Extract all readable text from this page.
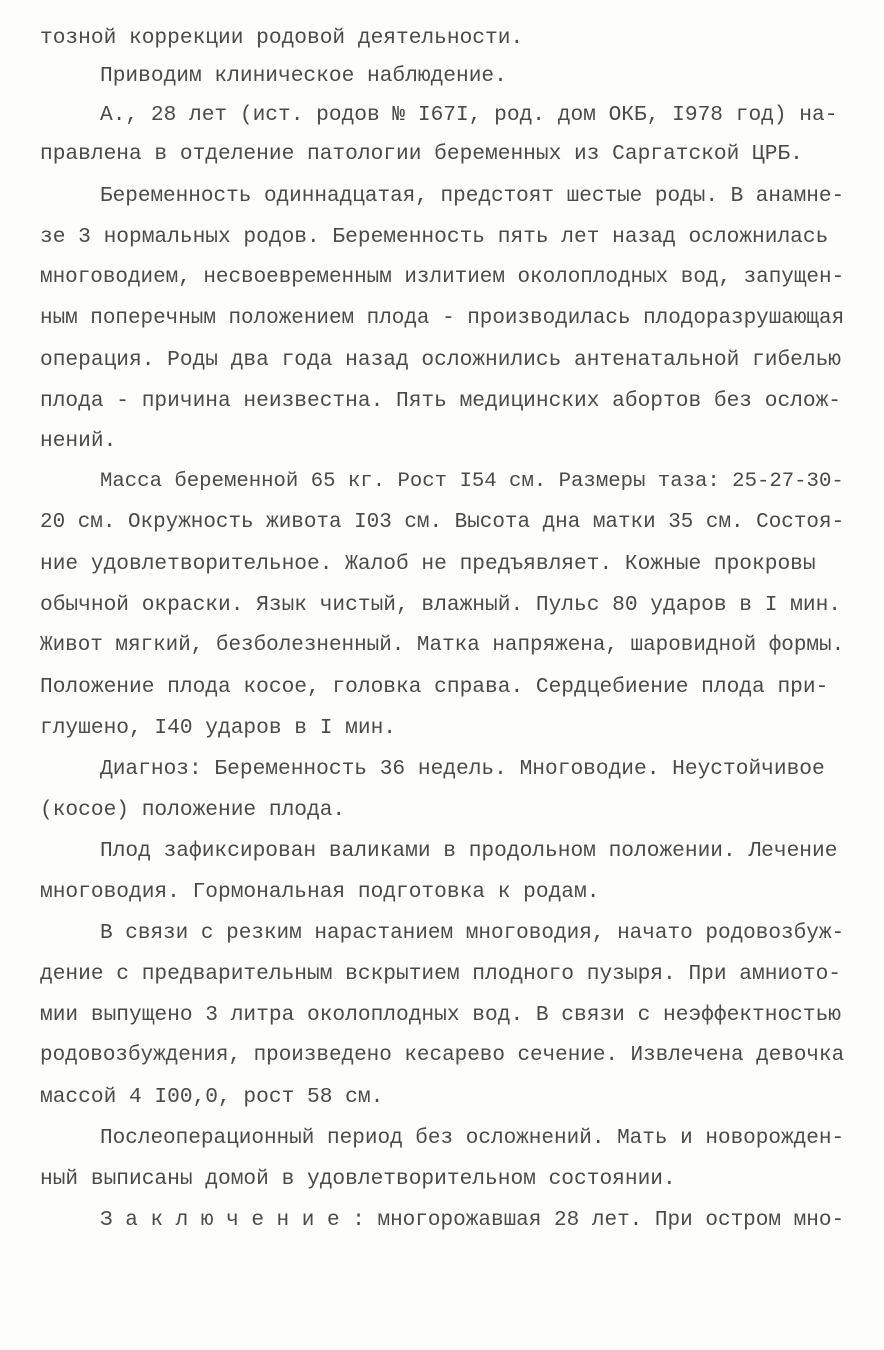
тозной коррекции родовой деятельности.
Приводим клиническое наблюдение.
А., 28 лет (ист. родов № I67I, род. дом ОКБ, I978 год) на-
правлена в отделение патологии беременных из Саргатской ЦРБ.
Беременность одиннадцатая, предстоят шестые роды. В анамне-
зе 3 нормальных родов. Беременность пять лет назад осложнилась
многоводием, несвоевременным излитием околоплодных вод, запущен-
ным поперечным положением плода - производилась плодоразрушающая
операция. Роды два года назад осложнились антенатальной гибелью
плода - причина неизвестна. Пять медицинских абортов без ослож-
нений.
Масса беременной 65 кг. Рост I54 см. Размеры таза: 25-27-30-
20 см. Окружность живота I03 см. Высота дна матки 35 см. Состоя-
ние удовлетворительное. Жалоб не предъявляет. Кожные прокровы
обычной окраски. Язык чистый, влажный. Пульс 80 ударов в I мин.
Живот мягкий, безболезненный. Матка напряжена, шаровидной формы.
Положение плода косое, головка справа. Сердцебиение плода при-
глушено, I40 ударов в I мин.
Диагноз: Беременность 36 недель. Многоводие. Неустойчивое
(косое) положение плода.
Плод зафиксирован валиками в продольном положении. Лечение
многоводия. Гормональная подготовка к родам.
В связи с резким нарастанием многоводия, начато родовозбуж-
дение с предварительным вскрытием плодного пузыря. При амниото-
мии выпущено 3 литра околоплодных вод. В связи с неэффектностью
родовозбуждения, произведено кесарево сечение. Извлечена девочка
массой 4 I00,0, рост 58 см.
Послеоперационный период без осложнений. Мать и новорожден-
ный выписаны домой в удовлетворительном состоянии.
З а к л ю ч е н и е : многорожавшая 28 лет. При остром мно-
